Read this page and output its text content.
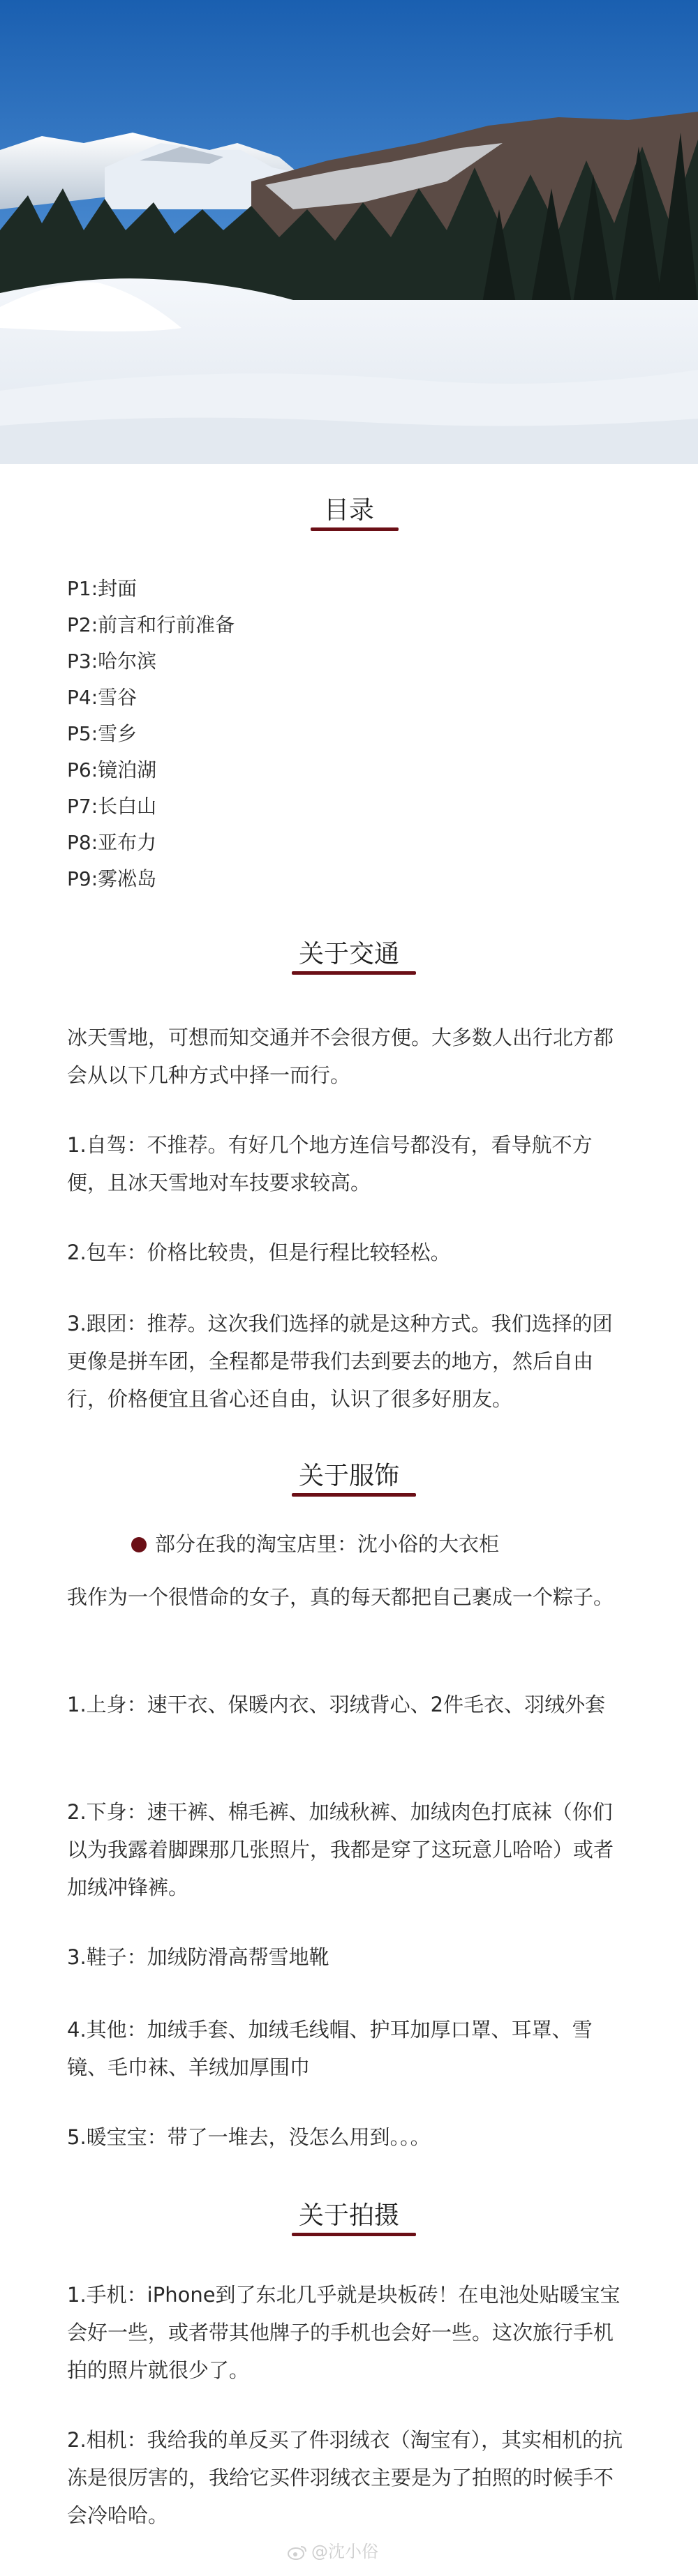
目录
P1:封面
P2:前言和行前准备
P3:哈尔滨
P4:雪谷
P5:雪乡
P6:镜泊湖
P7:长白山
P8:亚布力
P9:雾凇岛
关于交通
冰天雪地，可想而知交通并不会很方便。大多数人出行北方都会从以下几种方式中择一而行。
1.自驾：不推荐。有好几个地方连信号都没有，看导航不方便，且冰天雪地对车技要求较高。
2.包车：价格比较贵，但是行程比较轻松。
3.跟团：推荐。这次我们选择的就是这种方式。我们选择的团更像是拼车团，全程都是带我们去到要去的地方，然后自由行，价格便宜且省心还自由，认识了很多好朋友。
关于服饰
部分在我的淘宝店里：沈小俗的大衣柜
我作为一个很惜命的女子，真的每天都把自己裹成一个粽子。
1.上身：速干衣、保暖内衣、羽绒背心、2件毛衣、羽绒外套
2.下身：速干裤、棉毛裤、加绒秋裤、加绒肉色打底袜（你们以为我露着脚踝那几张照片，我都是穿了这玩意儿哈哈）或者加绒冲锋裤。
3.鞋子：加绒防滑高帮雪地靴
4.其他：加绒手套、加绒毛线帽、护耳加厚口罩、耳罩、雪镜、毛巾袜、羊绒加厚围巾
5.暖宝宝：带了一堆去，没怎么用到。。。
关于拍摄
1.手机：iPhone到了东北几乎就是块板砖！在电池处贴暖宝宝会好一些，或者带其他牌子的手机也会好一些。这次旅行手机拍的照片就很少了。
2.相机：我给我的单反买了件羽绒衣（淘宝有），其实相机的抗冻是很厉害的，我给它买件羽绒衣主要是为了拍照的时候手不会冷哈哈。
@沈小俗
